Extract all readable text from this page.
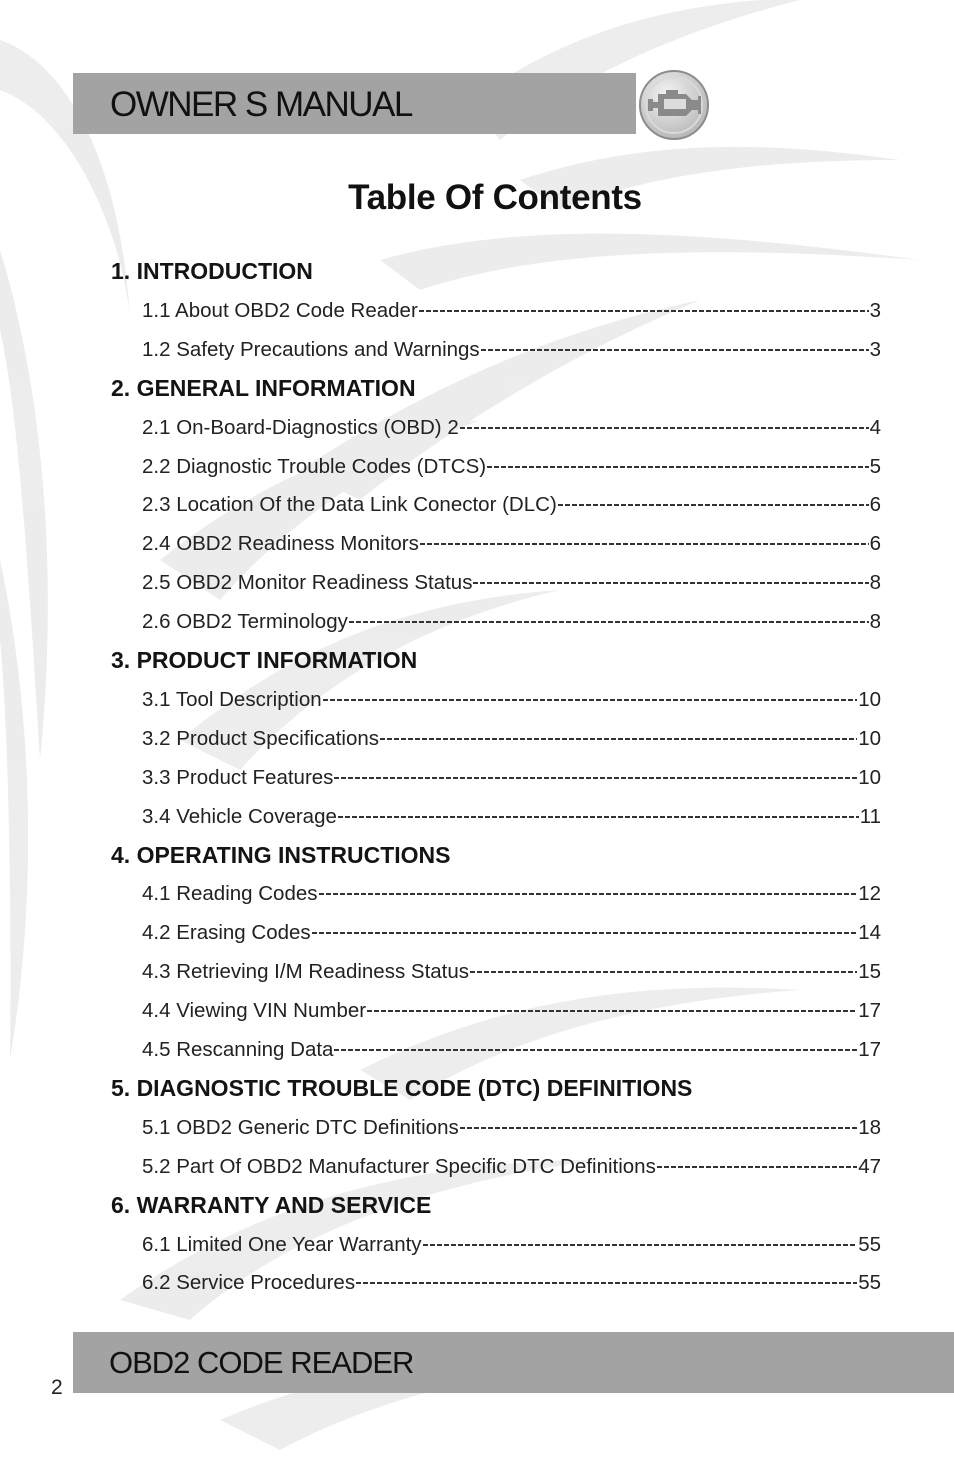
OWNER S MANUAL
Table Of Contents
1. INTRODUCTION
1.1 About OBD2 Code Reader	3
1.2 Safety Precautions and Warnings	3
2. GENERAL INFORMATION
2.1 On-Board-Diagnostics (OBD) 2	4
2.2 Diagnostic Trouble Codes (DTCS)	5
2.3 Location Of the Data Link Conector (DLC)	6
2.4 OBD2 Readiness Monitors	6
2.5 OBD2 Monitor Readiness Status	8
2.6 OBD2 Terminology	8
3. PRODUCT INFORMATION
3.1 Tool Description	10
3.2 Product Specifications	10
3.3 Product Features	10
3.4 Vehicle Coverage	11
4. OPERATING INSTRUCTIONS
4.1 Reading Codes	12
4.2 Erasing Codes	14
4.3 Retrieving I/M Readiness Status	15
4.4 Viewing VIN Number	17
4.5 Rescanning Data	17
5. DIAGNOSTIC TROUBLE CODE (DTC) DEFINITIONS
5.1 OBD2 Generic DTC Definitions	18
5.2 Part Of OBD2 Manufacturer Specific DTC Definitions	47
6. WARRANTY AND SERVICE
6.1 Limited One Year Warranty	55
6.2 Service Procedures	55
OBD2 CODE READER
2
